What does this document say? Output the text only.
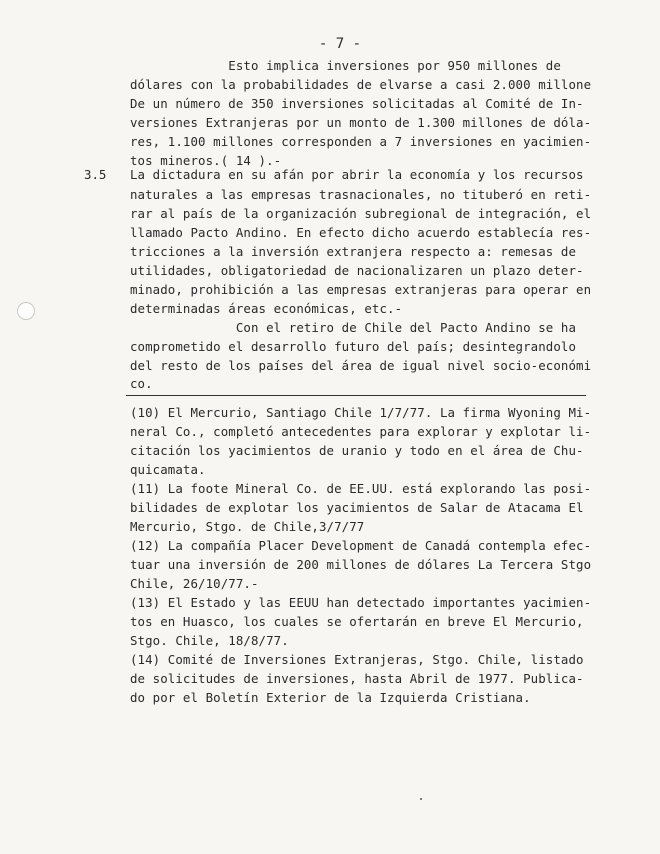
- 7 -
Esto implica inversiones por 950 millones de
dólares con la probabilidades de elvarse a casi 2.000 millone
De un número de 350 inversiones solicitadas al Comité de In-
versiones Extranjeras por un monto de 1.300 millones de dóla-
res, 1.100 millones corresponden a 7 inversiones en yacimien-
tos mineros.( 14 ).-
3.5 La dictadura en su afán por abrir la economía y los recursos
naturales a las empresas trasnacionales, no tituberó en reti-
rar al país de la organización subregional de integración, el
llamado Pacto Andino. En efecto dicho acuerdo establecía res-
tricciones a la inversión extranjera respecto a: remesas de
utilidades, obligatoriedad de nacionalizaren un plazo deter-
minado, prohibición a las empresas extranjeras para operar en
determinadas áreas económicas, etc.-
Con el retiro de Chile del Pacto Andino se ha
comprometido el desarrollo futuro del país; desintegrandolo
del resto de los países del área de igual nivel socio-económi
co.
(10) El Mercurio, Santiago Chile 1/7/77. La firma Wyoning Mi-
neral Co., completó antecedentes para explorar y explotar li-
citación los yacimientos de uranio y todo en el área de Chu-
quicamata.
(11) La foote Mineral Co. de EE.UU. está explorando las posi-
bilidades de explotar los yacimientos de Salar de Atacama El
Mercurio, Stgo. de Chile,3/7/77
(12) La compañía Placer Development de Canadá contempla efec-
tuar una inversión de 200 millones de dólares La Tercera Stgo
Chile, 26/10/77.-
(13) El Estado y las EEUU han detectado importantes yacimien-
tos en Huasco, los cuales se ofertarán en breve El Mercurio,
Stgo. Chile, 18/8/77.
(14) Comité de Inversiones Extranjeras, Stgo. Chile, listado
de solicitudes de inversiones, hasta Abril de 1977. Publica-
do por el Boletín Exterior de la Izquierda Cristiana.
